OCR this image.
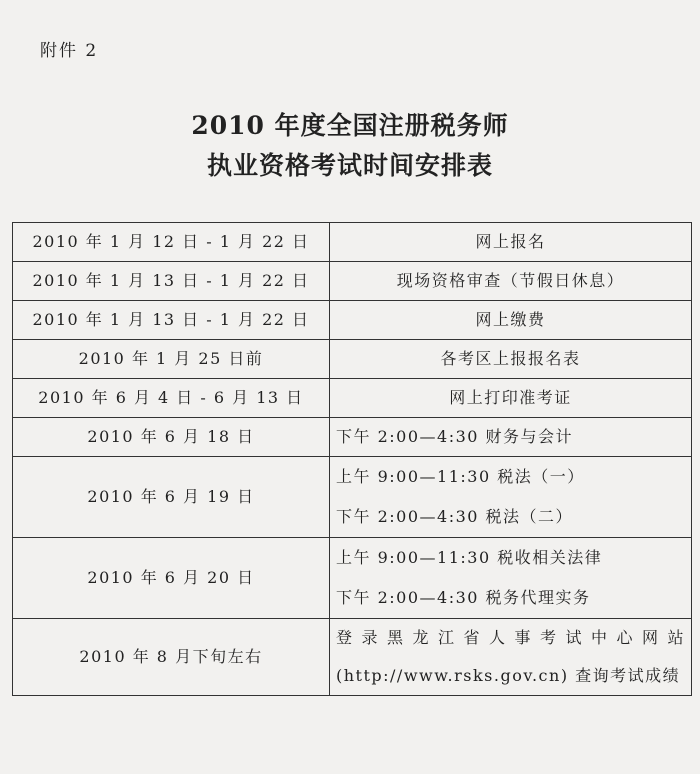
附件 2
2010 年度全国注册税务师
执业资格考试时间安排表
2010 年 1 月 12 日 - 1 月 22 日	网上报名
2010 年 1 月 13 日 - 1 月 22 日	现场资格审查（节假日休息）
2010 年 1 月 13 日 - 1 月 22 日	网上缴费
2010 年 1 月 25 日前	各考区上报报名表
2010 年 6 月 4 日 - 6 月 13 日	网上打印准考证
2010 年 6 月 18 日	下午 2:00—4:30 财务与会计
2010 年 6 月 19 日	上午 9:00—11:30 税法（一）
下午 2:00—4:30 税法（二）

2010 年 6 月 20 日	上午 9:00—11:30 税收相关法律
下午 2:00—4:30 税务代理实务

2010 年 8 月下旬左右	登录黑龙江省人事考试中心网站 (http://www.rsks.gov.cn) 查询考试成绩
